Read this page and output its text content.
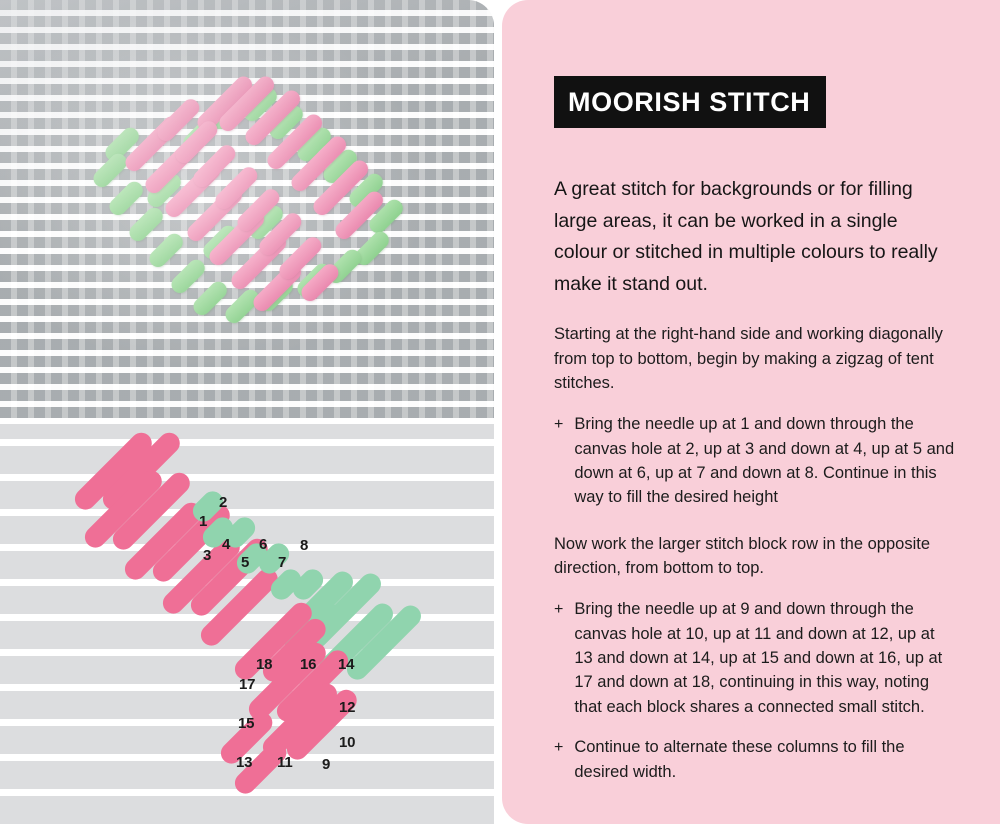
2
1
3
4
5
6
7
8
18 16 14
17
12
15
10
13 11 9
MOORISH STITCH

A great stitch for backgrounds or for filling large areas, it can be worked in a single colour or stitched in multiple colours to really make it stand out.

Starting at the right-hand side and working diagonally from top to bottom, begin by making a zigzag of tent stitches.

+ Bring the needle up at 1 and down through the canvas hole at 2, up at 3 and down at 4, up at 5 and down at 6, up at 7 and down at 8. Continue in this way to fill the desired height

Now work the larger stitch block row in the opposite direction, from bottom to top.

+ Bring the needle up at 9 and down through the canvas hole at 10, up at 11 and down at 12, up at 13 and down at 14, up at 15 and down at 16, up at 17 and down at 18, continuing in this way, noting that each block shares a connected small stitch.
+ Continue to alternate these columns to fill the desired width.
